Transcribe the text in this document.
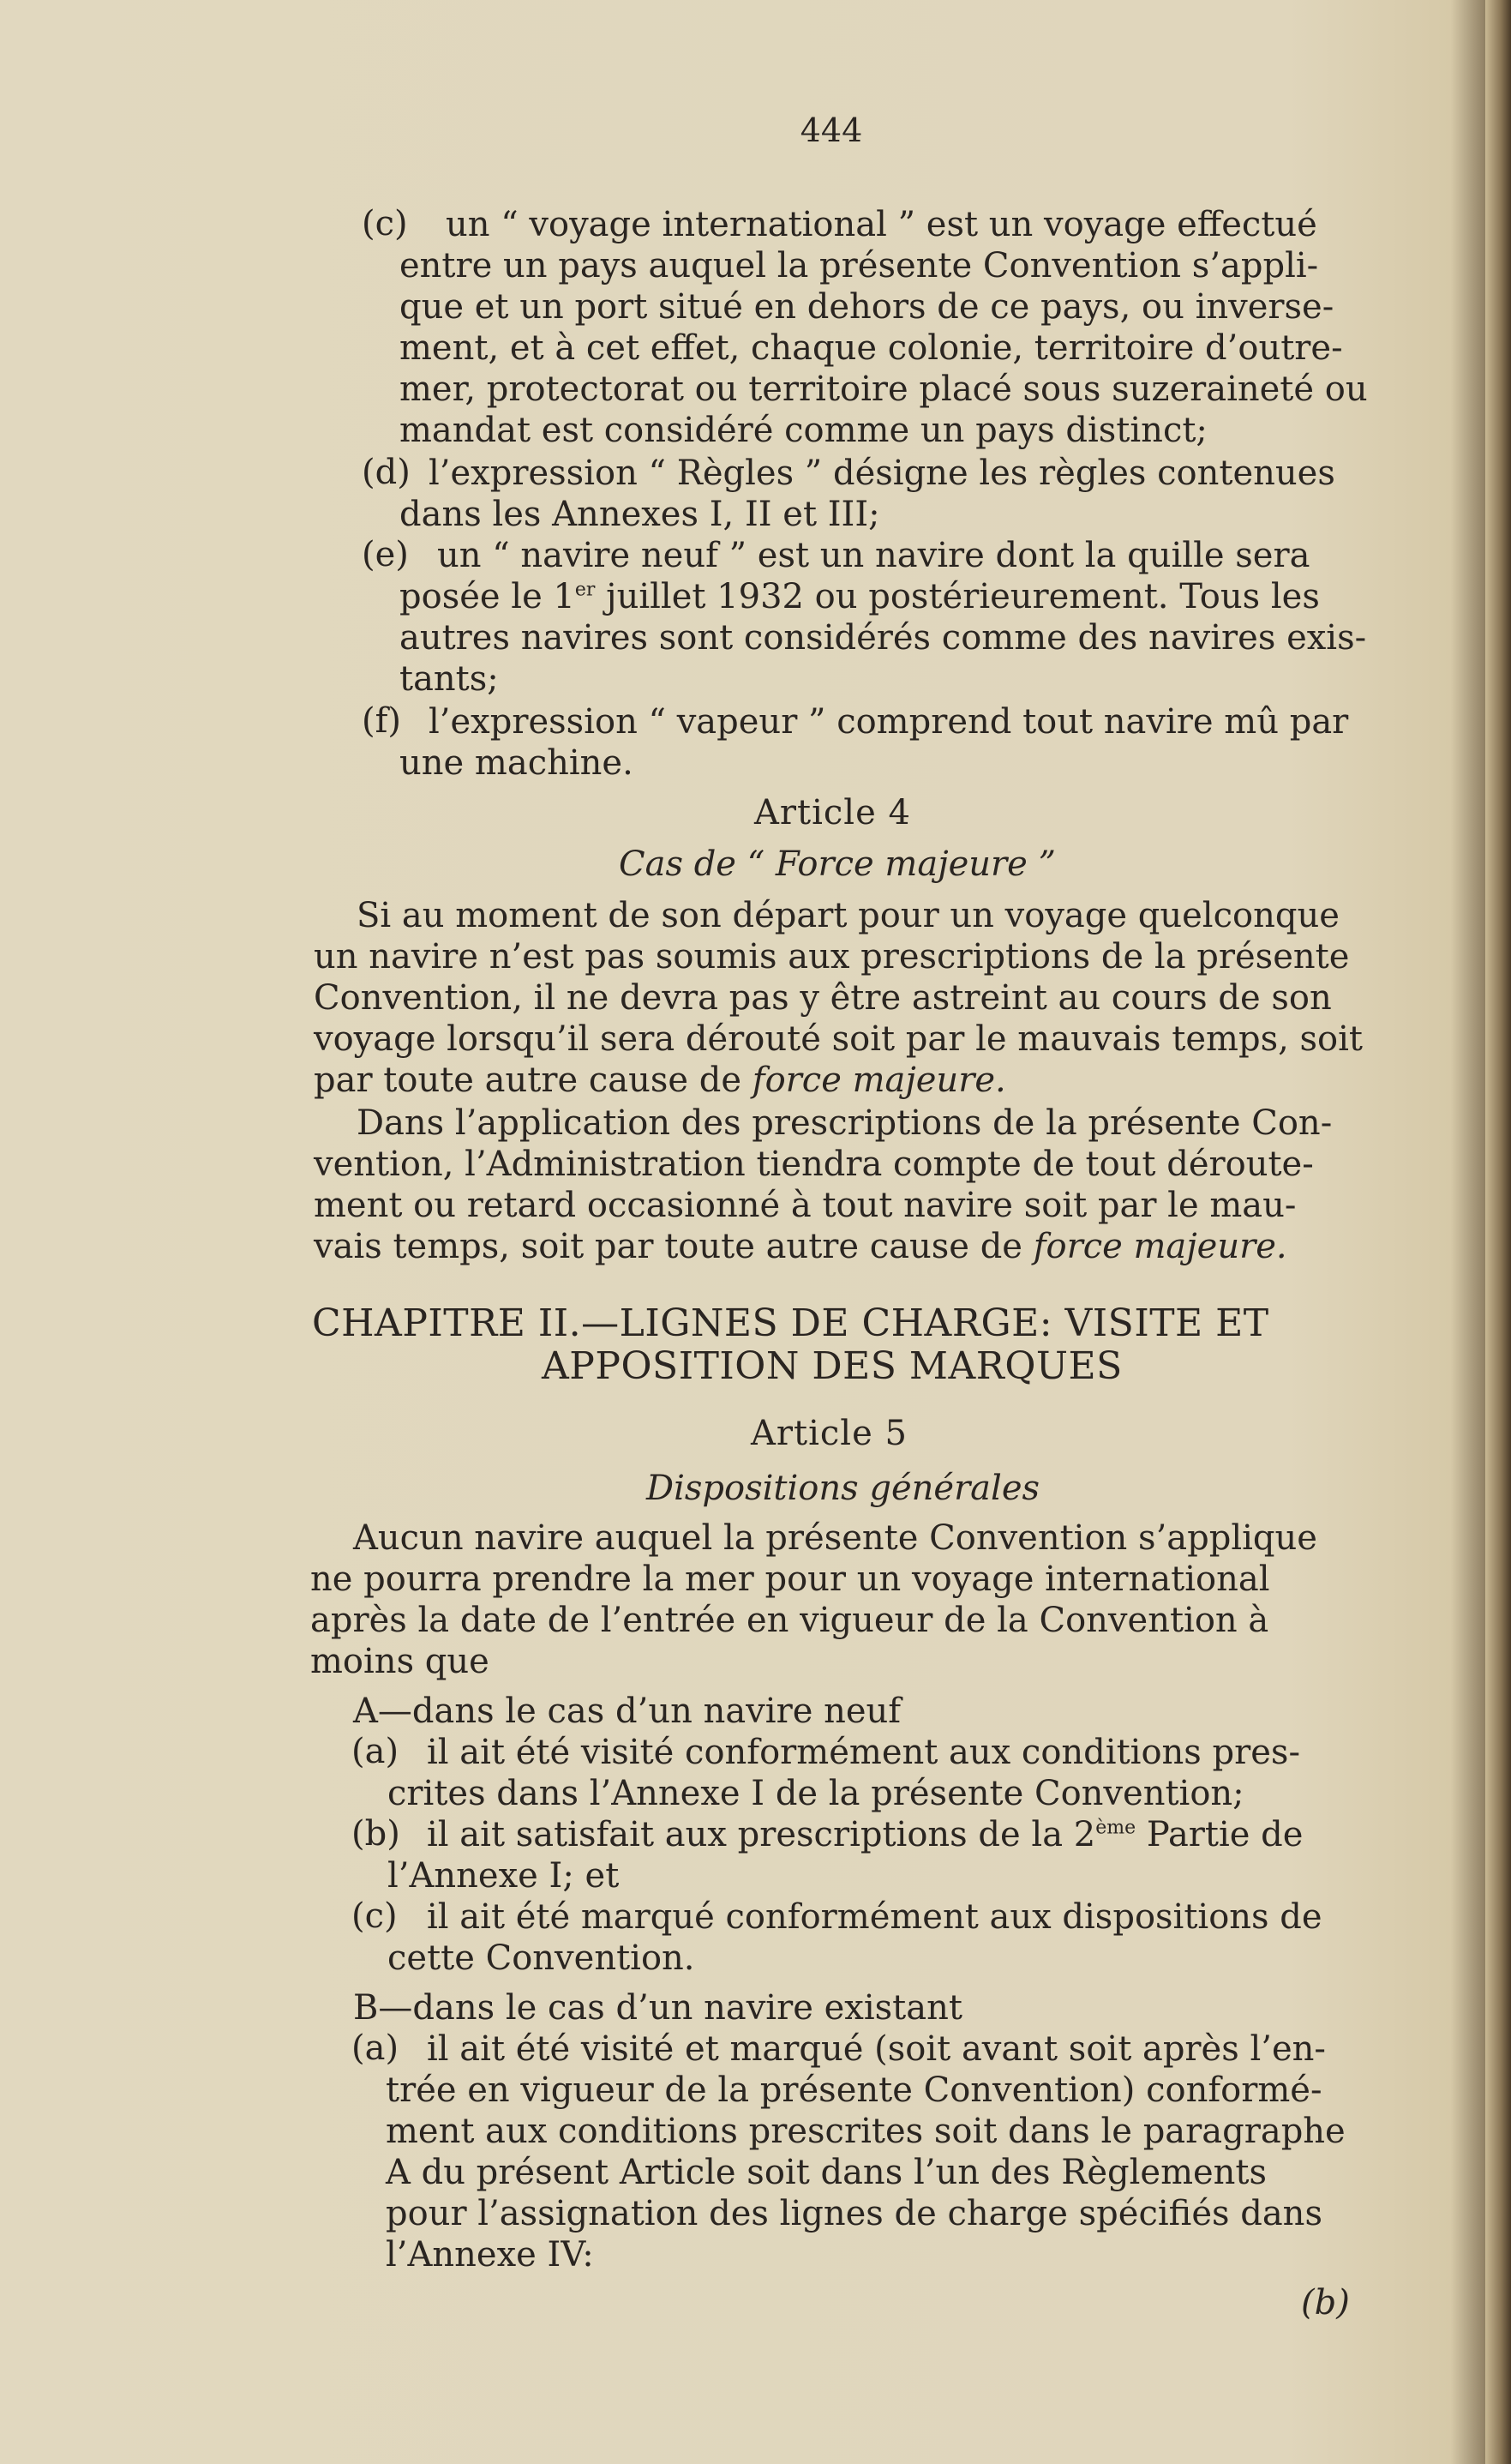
444
(c) un “ voyage international ” est un voyage effectué
entre un pays auquel la présente Convention s’appli-
que et un port situé en dehors de ce pays, ou inverse-
ment, et à cet effet, chaque colonie, territoire d’outre-
mer, protectorat ou territoire placé sous suzeraineté ou
mandat est considéré comme un pays distinct;
(d) l’expression “ Règles ” désigne les règles contenues
dans les Annexes I, II et III;
(e) un “ navire neuf ” est un navire dont la quille sera
posée le 1er juillet 1932 ou postérieurement. Tous les
autres navires sont considérés comme des navires exis-
tants;
(f) l’expression “ vapeur ” comprend tout navire mû par
une machine.
Article 4
Cas de “ Force majeure ”
Si au moment de son départ pour un voyage quelconque
un navire n’est pas soumis aux prescriptions de la présente
Convention, il ne devra pas y être astreint au cours de son
voyage lorsqu’il sera dérouté soit par le mauvais temps, soit
par toute autre cause de force majeure.
Dans l’application des prescriptions de la présente Con-
vention, l’Administration tiendra compte de tout déroute-
ment ou retard occasionné à tout navire soit par le mau-
vais temps, soit par toute autre cause de force majeure.
CHAPITRE II.—LIGNES DE CHARGE: VISITE ET
APPOSITION DES MARQUES
Article 5
Dispositions générales
Aucun navire auquel la présente Convention s’applique
ne pourra prendre la mer pour un voyage international
après la date de l’entrée en vigueur de la Convention à
moins que
A—dans le cas d’un navire neuf
(a) il ait été visité conformément aux conditions pres-
crites dans l’Annexe I de la présente Convention;
(b) il ait satisfait aux prescriptions de la 2ème Partie de
l’Annexe I; et
(c) il ait été marqué conformément aux dispositions de
cette Convention.
B—dans le cas d’un navire existant
(a) il ait été visité et marqué (soit avant soit après l’en-
trée en vigueur de la présente Convention) conformé-
ment aux conditions prescrites soit dans le paragraphe
A du présent Article soit dans l’un des Règlements
pour l’assignation des lignes de charge spécifiés dans
l’Annexe IV:
(b)
